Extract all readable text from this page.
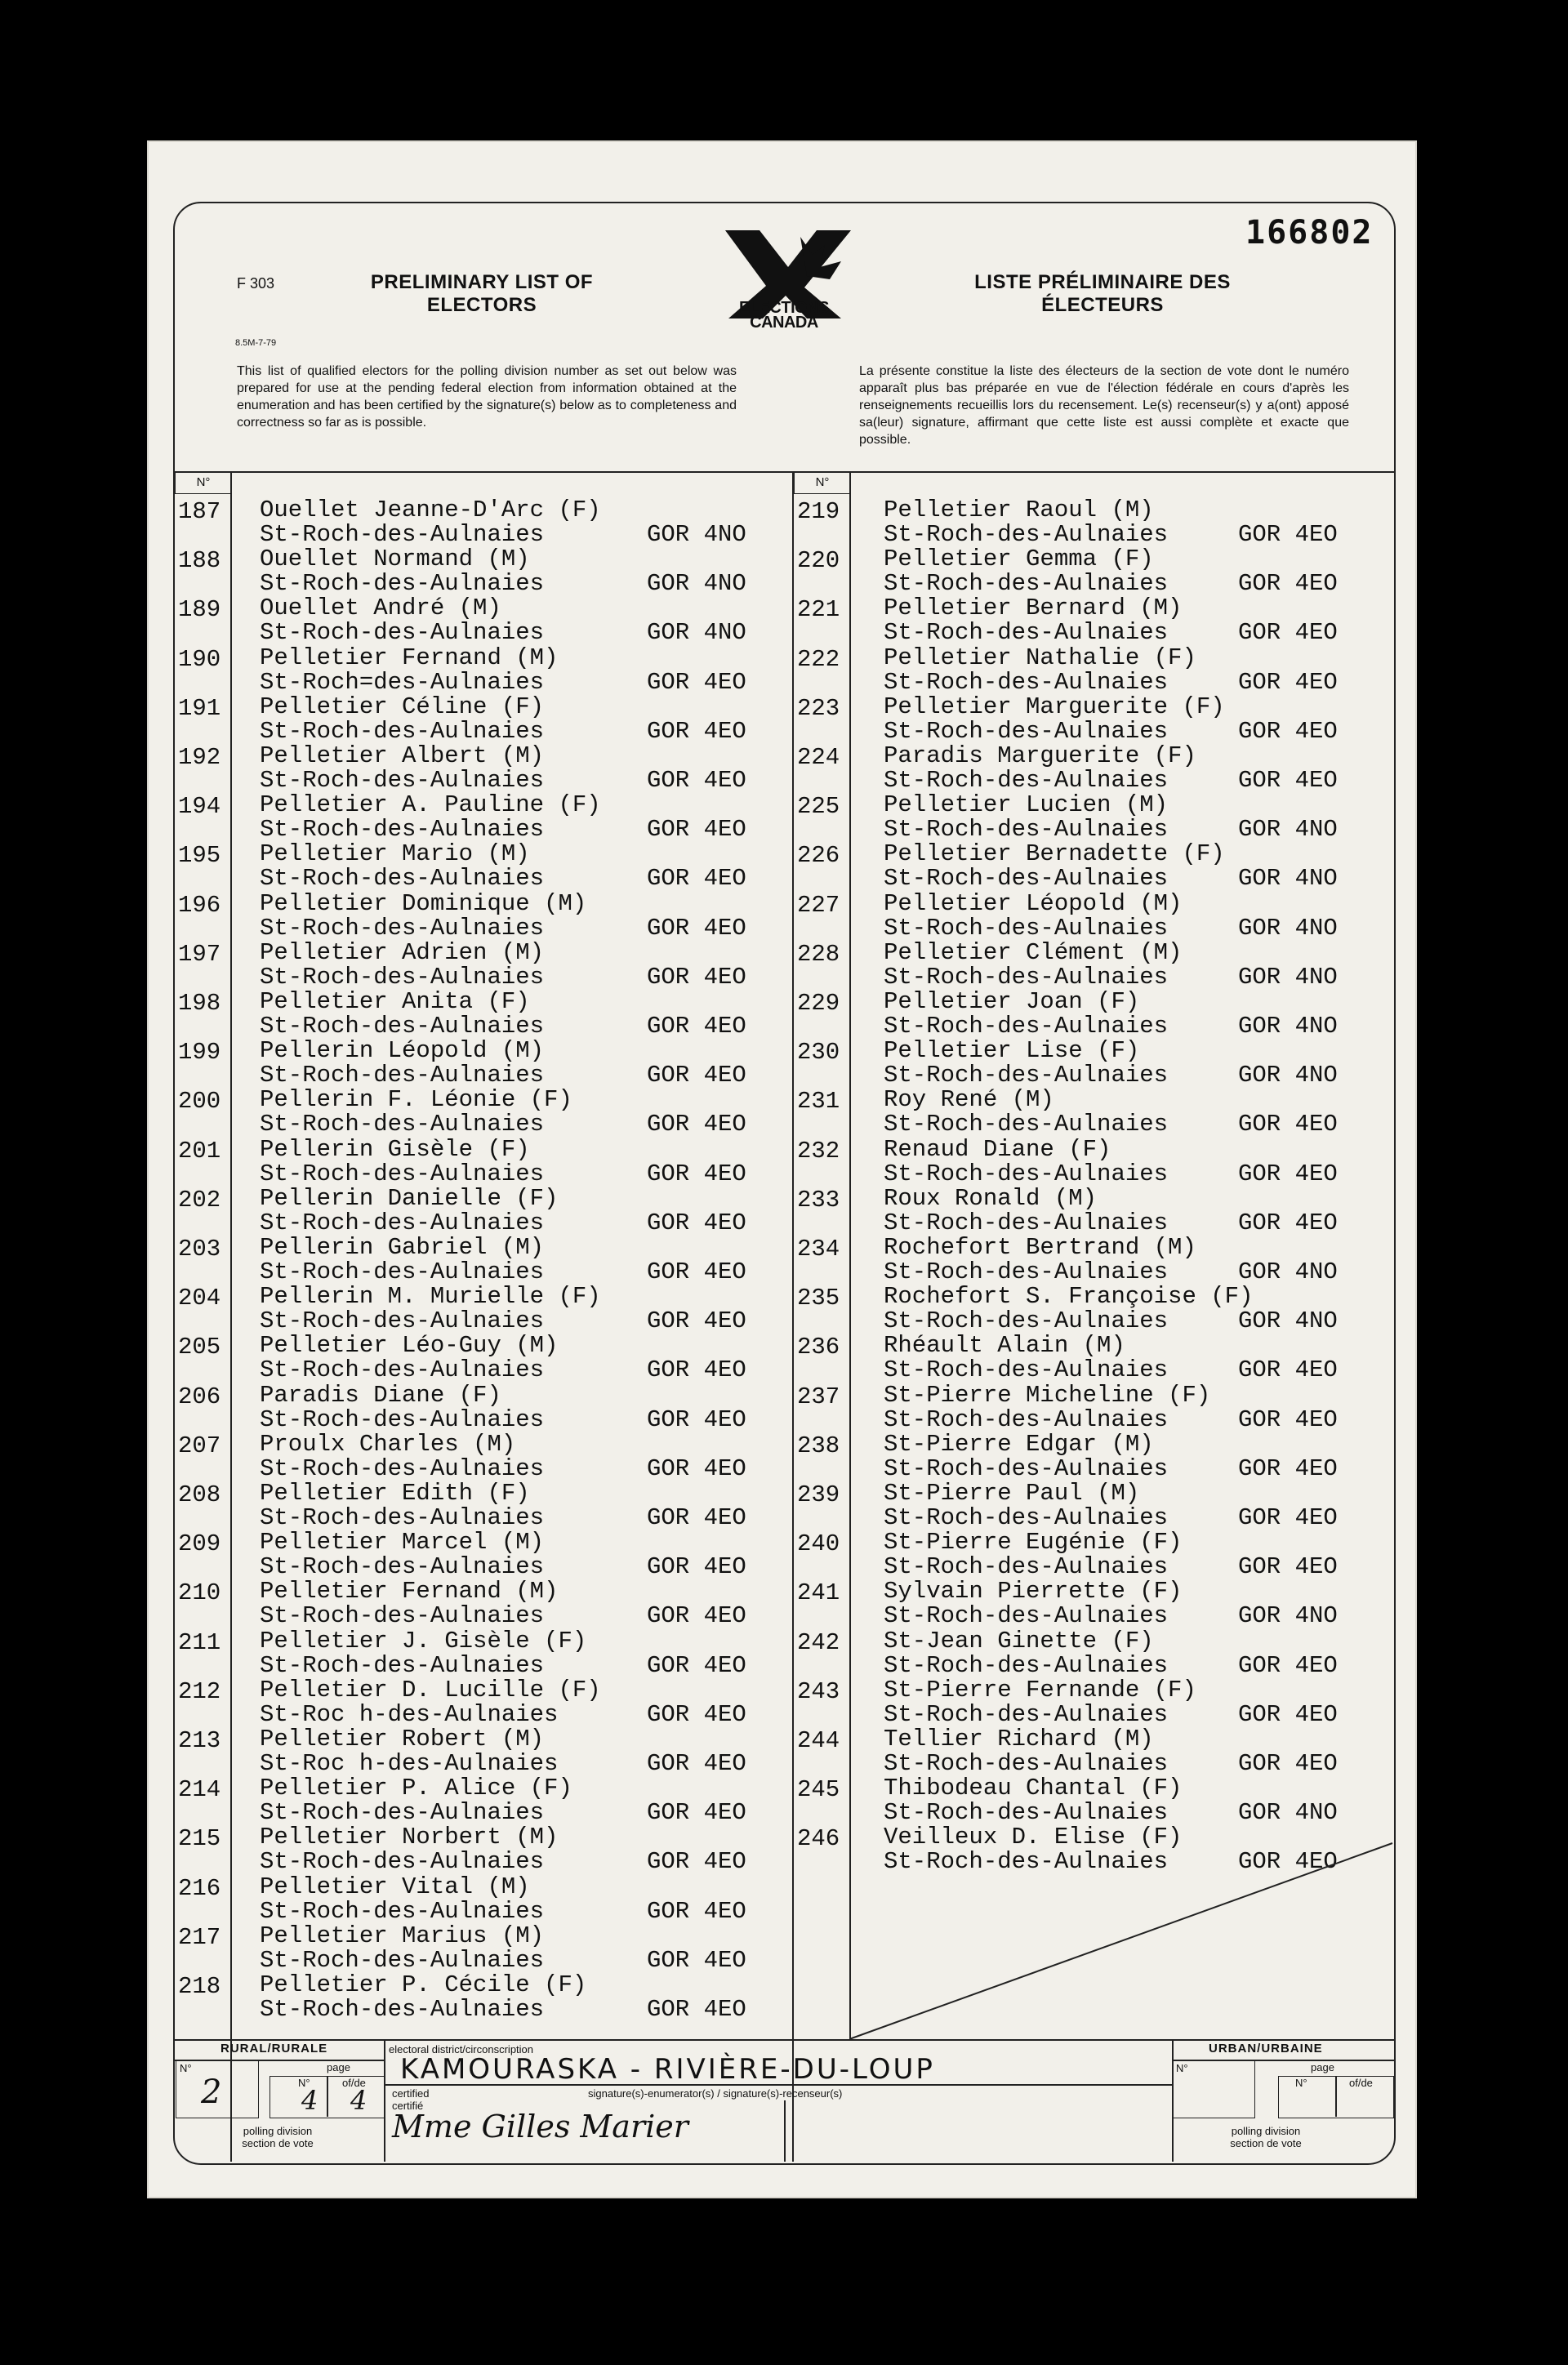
F 303
8.5M-7-79
PRELIMINARY LIST OF
ELECTORS
LISTE PRÉLIMINAIRE DES
ÉLECTEURS
166802
ELECTIONS
CANADA
This list of qualified electors for the polling division number as set out below was prepared for use at the pending federal election from information obtained at the enumeration and has been certified by the signature(s) below as to completeness and correctness so far as is possible.
La présente constitue la liste des électeurs de la section de vote dont le numéro apparaît plus bas préparée en vue de l'élection fédérale en cours d'après les renseignements recueillis lors du recensement. Le(s) recenseur(s) y a(ont) apposé sa(leur) signature, affirmant que cette liste est aussi complète et exacte que possible.
N°	N°
187 Ouellet Jeanne-D'Arc (F)
St-Roch-des-Aulnaies	GOR 4NO
188 Ouellet Normand (M)
St-Roch-des-Aulnaies	GOR 4NO
189 Ouellet André (M)
St-Roch-des-Aulnaies	GOR 4NO
190 Pelletier Fernand (M)
St-Roch=des-Aulnaies	GOR 4EO
191 Pelletier Céline (F)
St-Roch-des-Aulnaies	GOR 4EO
192 Pelletier Albert (M)
St-Roch-des-Aulnaies	GOR 4EO
194 Pelletier A. Pauline (F)
St-Roch-des-Aulnaies	GOR 4EO
195 Pelletier Mario (M)
St-Roch-des-Aulnaies	GOR 4EO
196 Pelletier Dominique (M)
St-Roch-des-Aulnaies	GOR 4EO
197 Pelletier Adrien (M)
St-Roch-des-Aulnaies	GOR 4EO
198 Pelletier Anita (F)
St-Roch-des-Aulnaies	GOR 4EO
199 Pellerin Léopold (M)
St-Roch-des-Aulnaies	GOR 4EO
200 Pellerin F. Léonie (F)
St-Roch-des-Aulnaies	GOR 4EO
201 Pellerin Gisèle (F)
St-Roch-des-Aulnaies	GOR 4EO
202 Pellerin Danielle (F)
St-Roch-des-Aulnaies	GOR 4EO
203 Pellerin Gabriel (M)
St-Roch-des-Aulnaies	GOR 4EO
204 Pellerin M. Murielle (F)
St-Roch-des-Aulnaies	GOR 4EO
205 Pelletier Léo-Guy (M)
St-Roch-des-Aulnaies	GOR 4EO
206 Paradis Diane (F)
St-Roch-des-Aulnaies	GOR 4EO
207 Proulx Charles (M)
St-Roch-des-Aulnaies	GOR 4EO
208 Pelletier Edith (F)
St-Roch-des-Aulnaies	GOR 4EO
209 Pelletier Marcel (M)
St-Roch-des-Aulnaies	GOR 4EO
210 Pelletier Fernand (M)
St-Roch-des-Aulnaies	GOR 4EO
211 Pelletier J. Gisèle (F)
St-Roch-des-Aulnaies	GOR 4EO
212 Pelletier D. Lucille (F)
St-Roc h-des-Aulnaies	GOR 4EO
213 Pelletier Robert (M)
St-Roc h-des-Aulnaies	GOR 4EO
214 Pelletier P. Alice (F)
St-Roch-des-Aulnaies	GOR 4EO
215 Pelletier Norbert (M)
St-Roch-des-Aulnaies	GOR 4EO
216 Pelletier Vital (M)
St-Roch-des-Aulnaies	GOR 4EO
217 Pelletier Marius (M)
St-Roch-des-Aulnaies	GOR 4EO
218 Pelletier P. Cécile (F)
St-Roch-des-Aulnaies	GOR 4EO
219 Pelletier Raoul (M)
St-Roch-des-Aulnaies	GOR 4EO
220 Pelletier Gemma (F)
St-Roch-des-Aulnaies	GOR 4EO
221 Pelletier Bernard (M)
St-Roch-des-Aulnaies	GOR 4EO
222 Pelletier Nathalie (F)
St-Roch-des-Aulnaies	GOR 4EO
223 Pelletier Marguerite (F)
St-Roch-des-Aulnaies	GOR 4EO
224 Paradis Marguerite (F)
St-Roch-des-Aulnaies	GOR 4EO
225 Pelletier Lucien (M)
St-Roch-des-Aulnaies	GOR 4NO
226 Pelletier Bernadette (F)
St-Roch-des-Aulnaies	GOR 4NO
227 Pelletier Léopold (M)
St-Roch-des-Aulnaies	GOR 4NO
228 Pelletier Clément (M)
St-Roch-des-Aulnaies	GOR 4NO
229 Pelletier Joan (F)
St-Roch-des-Aulnaies	GOR 4NO
230 Pelletier Lise (F)
St-Roch-des-Aulnaies	GOR 4NO
231 Roy René (M)
St-Roch-des-Aulnaies	GOR 4EO
232 Renaud Diane (F)
St-Roch-des-Aulnaies	GOR 4EO
233 Roux Ronald (M)
St-Roch-des-Aulnaies	GOR 4EO
234 Rochefort Bertrand (M)
St-Roch-des-Aulnaies	GOR 4NO
235 Rochefort S. Françoise (F)
St-Roch-des-Aulnaies	GOR 4NO
236 Rhéault Alain (M)
St-Roch-des-Aulnaies	GOR 4EO
237 St-Pierre Micheline (F)
St-Roch-des-Aulnaies	GOR 4EO
238 St-Pierre Edgar (M)
St-Roch-des-Aulnaies	GOR 4EO
239 St-Pierre Paul (M)
St-Roch-des-Aulnaies	GOR 4EO
240 St-Pierre Eugénie (F)
St-Roch-des-Aulnaies	GOR 4EO
241 Sylvain Pierrette (F)
St-Roch-des-Aulnaies	GOR 4NO
242 St-Jean Ginette (F)
St-Roch-des-Aulnaies	GOR 4EO
243 St-Pierre Fernande (F)
St-Roch-des-Aulnaies	GOR 4EO
244 Tellier Richard (M)
St-Roch-des-Aulnaies	GOR 4EO
245 Thibodeau Chantal (F)
St-Roch-des-Aulnaies	GOR 4NO
246 Veilleux D. Elise (F)
St-Roch-des-Aulnaies	GOR 4EO
RURAL/RURALE	electoral district/circonscription	URBAN/URBAINE
N°
2
page
N°	of/de
4 4
polling division
section de vote
KAMOURASKA - RIVIÈRE-DU-LOUP
certified
certifié
signature(s)-enumerator(s) / signature(s)-recenseur(s)
Mme Gilles Marier
N°	page
N°	of/de
polling division
section de vote
